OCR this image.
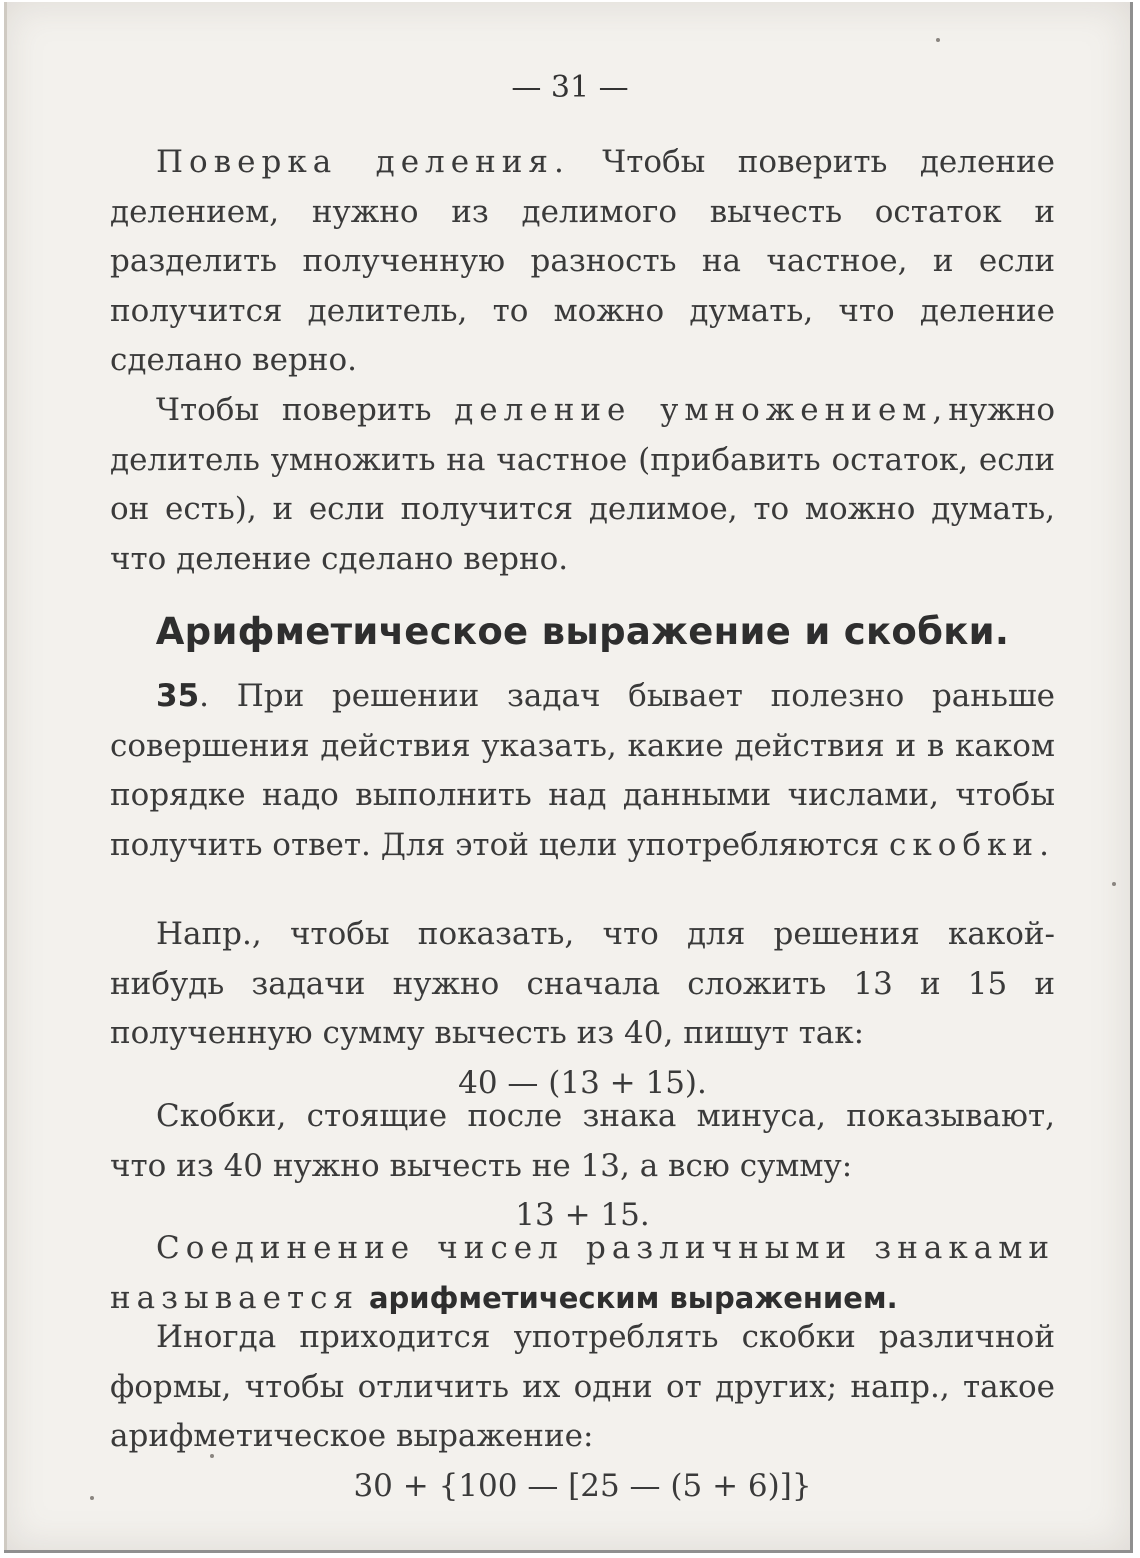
— 31 —

Поверка деления. Чтобы поверить деление делением, нужно из делимого вычесть остаток и разделить полученную разность на частное, и если получится делитель, то можно думать, что деление сделано верно.

Чтобы поверить деление умножением,нужно делитель умножить на частное (прибавить остаток, если он есть), и если получится делимое, то можно думать, что деление сделано верно.

Арифметическое выражение и скобки.

35. При решении задач бывает полезно раньше совершения действия указать, какие действия и в каком порядке надо выполнить над данными числами, чтобы получить ответ. Для этой цели употребляются скобки.

Напр., чтобы показать, что для решения какой-нибудь задачи нужно сначала сложить 13 и 15 и полученную сумму вычесть из 40, пишут так:

40 — (13 + 15).

Скобки, стоящие после знака минуса, показывают, что из 40 нужно вычесть не 13, а всю сумму:

13 + 15.

Соединение чисел различными знаками называется арифметическим выражением.

Иногда приходится употреблять скобки различной формы, чтобы отличить их одни от других; напр., такое арифметическое выражение:

30 + {100 — [25 — (5 + 6)]}
